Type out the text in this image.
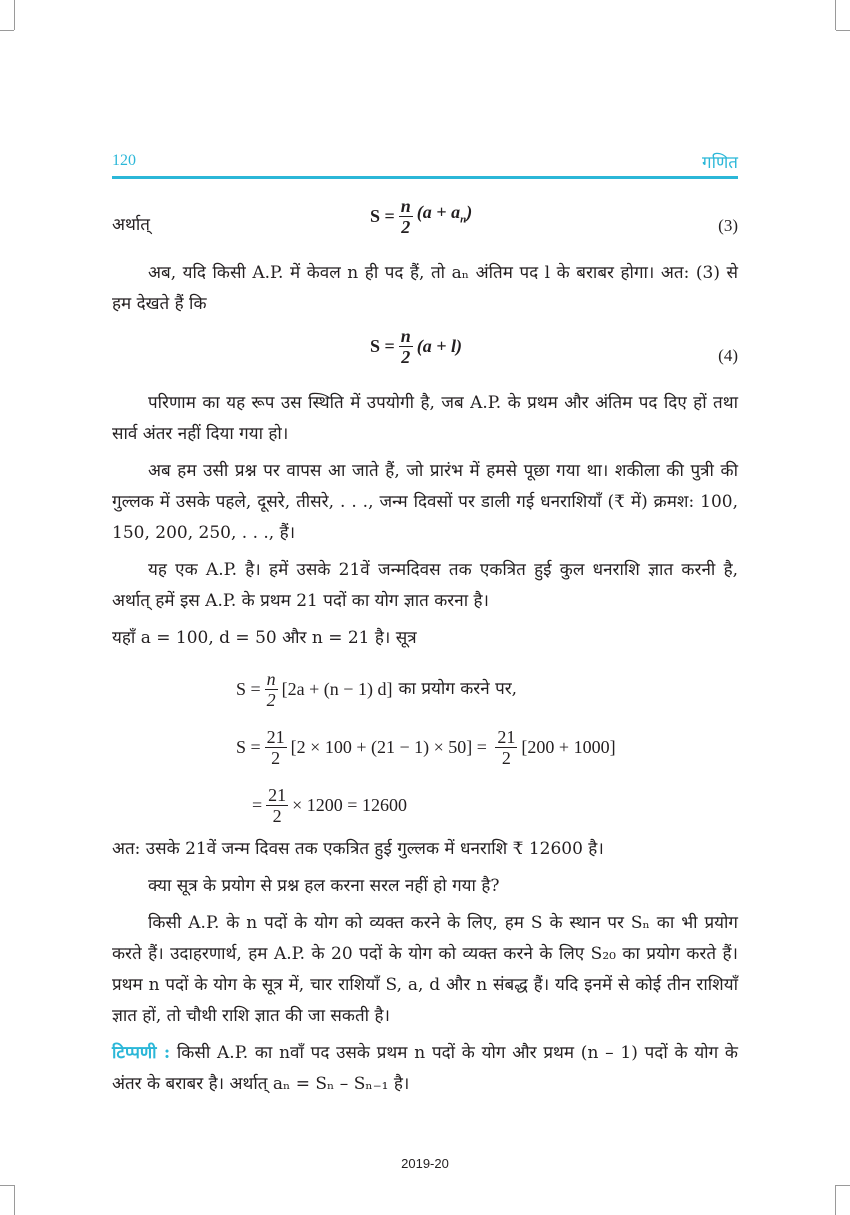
120	गणित
अर्थात्	$S = \frac{n}{2} (a + a_n)$
(3)

अब, यदि किसी A.P. में केवल n ही पद हैं, तो aₙ अंतिम पद l के बराबर होगा। अत: (3) से हम देखते हैं कि

$S = \frac{n}{2} (a + l)$	(4)

परिणाम का यह रूप उस स्थिति में उपयोगी है, जब A.P. के प्रथम और अंतिम पद दिए हों तथा सार्व अंतर नहीं दिया गया हो।

अब हम उसी प्रश्न पर वापस आ जाते हैं, जो प्रारंभ में हमसे पूछा गया था। शकीला की पुत्री की गुल्लक में उसके पहले, दूसरे, तीसरे, . . ., जन्म दिवसों पर डाली गई धनराशियाँ (₹ में) क्रमश: 100, 150, 200, 250, . . ., हैं।

यह एक A.P. है। हमें उसके 21वें जन्मदिवस तक एकत्रित हुई कुल धनराशि ज्ञात करनी है, अर्थात् हमें इस A.P. के प्रथम 21 पदों का योग ज्ञात करना है।

यहाँ a = 100, d = 50 और n = 21 है। सूत्र

$S = \frac{n}{2} [2a + (n - 1)$ d] का प्रयोग करने पर,
$S = \frac{21}{2} [2 \times 100 + (21 - 1) \times 50] = \frac{21}{2} [200 + 1000]$
= $\frac{21}{2} \times 1200 = 12600$

अत: उसके 21वें जन्म दिवस तक एकत्रित हुई गुल्लक में धनराशि ₹ 12600 है।

क्या सूत्र के प्रयोग से प्रश्न हल करना सरल नहीं हो गया है?

किसी A.P. के n पदों के योग को व्यक्त करने के लिए, हम S के स्थान पर Sₙ का भी प्रयोग करते हैं। उदाहरणार्थ, हम A.P. के 20 पदों के योग को व्यक्त करने के लिए S₂₀ का प्रयोग करते हैं। प्रथम n पदों के योग के सूत्र में, चार राशियाँ S, a, d और n संबद्ध हैं। यदि इनमें से कोई तीन राशियाँ ज्ञात हों, तो चौथी राशि ज्ञात की जा सकती है।

टिप्पणी : किसी A.P. का nवाँ पद उसके प्रथम n पदों के योग और प्रथम (n – 1) पदों के योग के अंतर के बराबर है। अर्थात् aₙ = Sₙ – Sₙ₋₁ है।

2019-20
